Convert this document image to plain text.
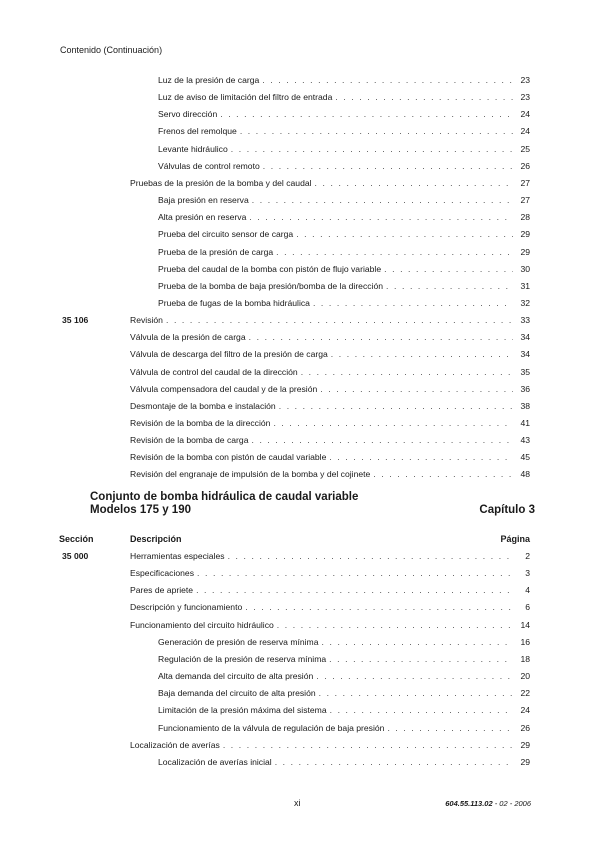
Contenido (Continuación)
Luz de la presión de carga . . .	23
Luz de aviso de limitación del filtro de entrada . . .	23
Servo dirección . . .	24
Frenos del remolque . . .	24
Levante hidráulico . . .	25
Válvulas de control remoto . . .	26
Pruebas de la presión de la bomba y del caudal . . .	27
Baja presión en reserva . . .	27
Alta presión en reserva . . .	28
Prueba del circuito sensor de carga . . .	29
Prueba de la presión de carga . . .	29
Prueba del caudal de la bomba con pistón de flujo variable . . .	30
Prueba de la bomba de baja presión/bomba de la dirección . . .	31
Prueba de fugas de la bomba hidráulica . . .	32
35 106	Revisión . . .	33
Válvula de la presión de carga . . .	34
Válvula de descarga del filtro de la presión de carga . . .	34
Válvula de control del caudal de la dirección . . .	35
Válvula compensadora del caudal y de la presión . . .	36
Desmontaje de la bomba e instalación . . .	38
Revisión de la bomba de la dirección . . .	41
Revisión de la bomba de carga . . .	43
Revisión de la bomba con pistón de caudal variable . . .	45
Revisión del engranaje de impulsión de la bomba y del cojinete . . .	48
Conjunto de bomba hidráulica de caudal variable
Modelos 175 y 190	Capítulo 3
Sección	Descripción	Página
35 000	Herramientas especiales . . .	2
Especificaciones . . .	3
Pares de apriete . . .	4
Descripción y funcionamiento . . .	6
Funcionamiento del circuito hidráulico . . .	14
Generación de presión de reserva mínima . . .	16
Regulación de la presión de reserva mínima . . .	18
Alta demanda del circuito de alta presión . . .	20
Baja demanda del circuito de alta presión . . .	22
Limitación de la presión máxima del sistema . . .	24
Funcionamiento de la válvula de regulación de baja presión . . .	26
Localización de averías . . .	29
Localización de averías inicial . . .	29
xi	604.55.113.02 - 02 - 2006
